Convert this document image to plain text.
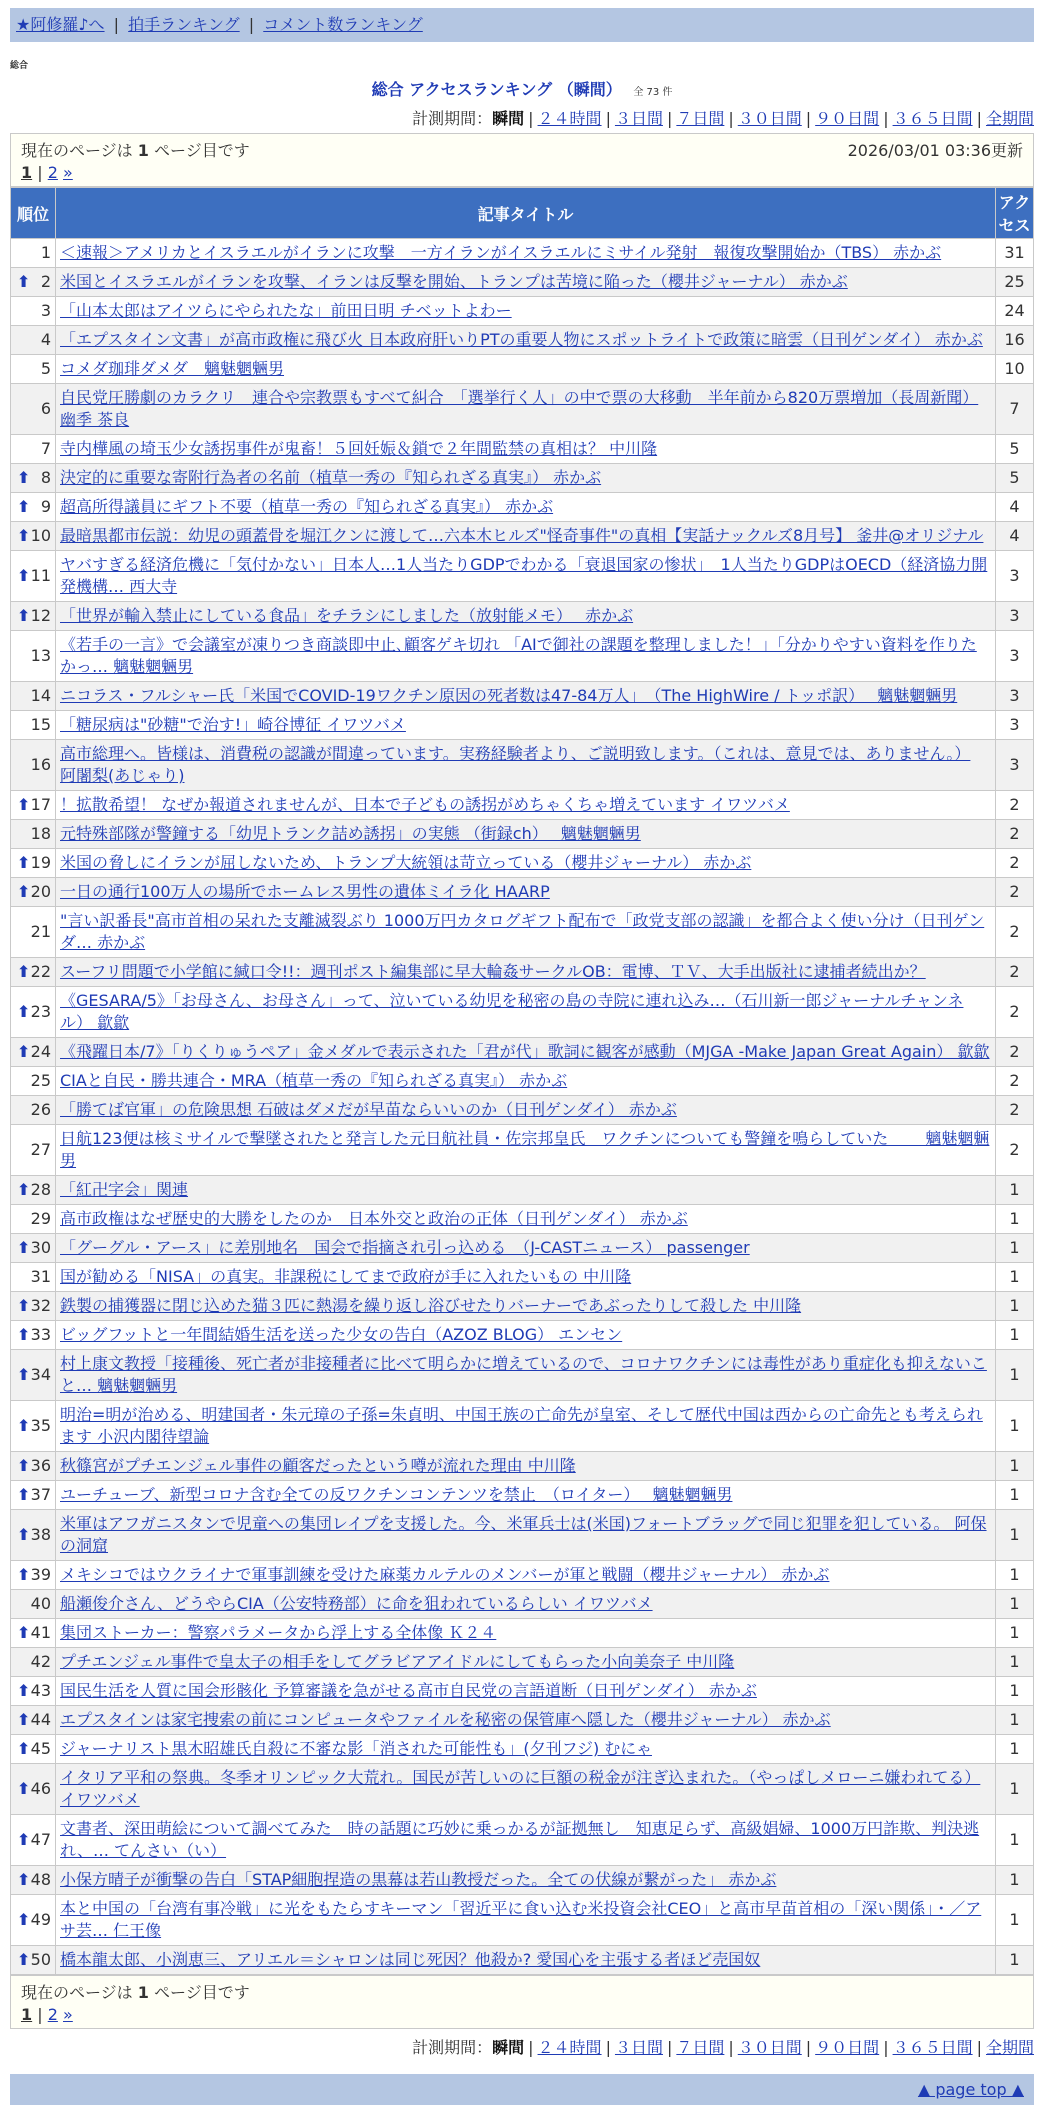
★阿修羅♪へ | 拍手ランキング | コメント数ランキング
総合
総合 アクセスランキング （瞬間） 全 73 件
計測期間：瞬間 | ２４時間 | ３日間 | ７日間 | ３０日間 | ９０日間 | ３６５日間 | 全期間
現在のページは 1 ページ目です	2026/03/01 03:36更新
1 | 2 »
順位	記事タイトル	アクセス
1	＜速報＞アメリカとイスラエルがイランに攻撃　一方イランがイスラエルにミサイル発射　報復攻撃開始か（TBS） 赤かぶ	31

⬆ 2	米国とイスラエルがイランを攻撃、イランは反撃を開始、トランプは苦境に陥った（櫻井ジャーナル） 赤かぶ	25
3	「山本太郎はアイツらにやられたな」前田日明 チベットよわー	24
4	「エプスタイン文書」が高市政権に飛び火 日本政府肝いりPTの重要人物にスポットライトで政策に暗雲（日刊ゲンダイ） 赤かぶ	16
5	コメダ珈琲ダメダ　魑魅魍魎男	10
6	自民党圧勝劇のカラクリ　連合や宗教票もすべて糾合　「選挙行く人」の中で票の大移動　半年前から820万票増加（長周新聞） 幽季 茶良	7
7	寺内樺風の埼玉少女誘拐事件が鬼畜！５回妊娠＆鎖で２年間監禁の真相は？ 中川隆	5

⬆ 8	決定的に重要な寄附行為者の名前（植草一秀の『知られざる真実』） 赤かぶ	5

⬆ 9	超高所得議員にギフト不要（植草一秀の『知られざる真実』） 赤かぶ	4

⬆ 10	最暗黒都市伝説：幼児の頭蓋骨を堀江クンに渡して…六本木ヒルズ"怪奇事件"の真相【実話ナックルズ8月号】 釜井@オリジナル	4

⬆ 11	ヤバすぎる経済危機に「気付かない」日本人…1人当たりGDPでわかる「衰退国家の惨状」　1人当たりGDPはOECD（経済協力開発機構… 西大寺	3

⬆ 12	「世界が輸入禁止にしている食品」をチラシにしました（放射能メモ）　 赤かぶ	3
13	《若手の一言》で会議室が凍りつき商談即中止､顧客ゲキ切れ 「AIで御社の課題を整理しました！｣「分かりやすい資料を作りたかっ… 魑魅魍魎男	3
14	ニコラス・フルシャー氏「米国でCOVID-19ワクチン原因の死者数は47-84万人」　（The HighWire / トッポ訳）　 魑魅魍魎男	3
15	「糖尿病は"砂糖"で治す!」崎谷博征 イワツバメ	3
16	高市総理へ。皆様は、消費税の認識が間違っています。実務経験者より、ご説明致します。（これは、意見では、ありません。） 阿闍梨(あじゃり)	3

⬆ 17	！拡散希望！ なぜか報道されませんが、日本で子どもの誘拐がめちゃくちゃ増えています イワツバメ	2
18	元特殊部隊が警鐘する「幼児トランク詰め誘拐」の実態 （街録ch）　 魑魅魍魎男	2

⬆ 19	米国の脅しにイランが屈しないため、トランプ大統領は苛立っている（櫻井ジャーナル） 赤かぶ	2

⬆ 20	一日の通行100万人の場所でホームレス男性の遺体ミイラ化 HAARP	2
21	"言い訳番長"高市首相の呆れた支離滅裂ぶり 1000万円カタログギフト配布で「政党支部の認識」を都合よく使い分け（日刊ゲンダ… 赤かぶ	2

⬆ 22	スーフリ問題で小学館に緘口令!!：週刊ポスト編集部に早大輪姦サークルOB：電博、ＴＶ、大手出版社に逮捕者続出か？	2

⬆ 23	《GESARA/5》「お母さん、お母さん」って、泣いている幼児を秘密の島の寺院に連れ込み…（石川新一郎ジャーナルチャンネル） 歙歙	2

⬆ 24	《飛躍日本/7》「りくりゅうペア」金メダルで表示された「君が代」歌詞に観客が感動（MJGA -Make Japan Great Again） 歙歙	2
25	CIAと自民・勝共連合・MRA（植草一秀の『知られざる真実』） 赤かぶ	2
26	「勝てば官軍」の危険思想 石破はダメだが早苗ならいいのか（日刊ゲンダイ） 赤かぶ	2
27	日航123便は核ミサイルで撃墜されたと発言した元日航社員・佐宗邦皇氏　ワクチンについても警鐘を鳴らしていた　　 魑魅魍魎男	2

⬆ 28	「紅卍字会」関連	1
29	高市政権はなぜ歴史的大勝をしたのか　日本外交と政治の正体（日刊ゲンダイ） 赤かぶ	1

⬆ 30	「グーグル・アース」に差別地名　国会で指摘され引っ込める　（J-CASTニュース） passenger	1
31	国が勧める「NISA」の真実。非課税にしてまで政府が手に入れたいもの 中川隆	1

⬆ 32	鉄製の捕獲器に閉じ込めた猫３匹に熱湯を繰り返し浴びせたりバーナーであぶったりして殺した 中川隆	1

⬆ 33	ビッグフットと一年間結婚生活を送った少女の告白（AZOZ BLOG） エンセン	1

⬆ 34	村上康文教授「接種後、死亡者が非接種者に比べて明らかに増えているので、コロナワクチンには毒性があり重症化も抑えないこと… 魑魅魍魎男	1

⬆ 35	明治=明が治める、明建国者・朱元璋の子孫=朱貞明、中国王族の亡命先が皇室、そして歴代中国は西からの亡命先とも考えられます 小沢内閣待望論	1

⬆ 36	秋篠宮がプチエンジェル事件の顧客だったという噂が流れた理由 中川隆	1

⬆ 37	ユーチューブ、新型コロナ含む全ての反ワクチンコンテンツを禁止　（ロイター）　 魑魅魍魎男	1

⬆ 38	米軍はアフガニスタンで児童への集団レイプを支援した。今、米軍兵士は(米国)フォートブラッグで同じ犯罪を犯している。 阿保の洞窟	1

⬆ 39	メキシコではウクライナで軍事訓練を受けた麻薬カルテルのメンバーが軍と戦闘（櫻井ジャーナル） 赤かぶ	1
40	船瀬俊介さん、どうやらCIA（公安特務部）に命を狙われているらしい イワツバメ	1

⬆ 41	集団ストーカー：警察パラメータから浮上する全体像 Ｋ２４	1
42	プチエンジェル事件で皇太子の相手をしてグラビアアイドルにしてもらった小向美奈子 中川隆	1

⬆ 43	国民生活を人質に国会形骸化 予算審議を急がせる高市自民党の言語道断（日刊ゲンダイ） 赤かぶ	1

⬆ 44	エプスタインは家宅捜索の前にコンピュータやファイルを秘密の保管庫へ隠した（櫻井ジャーナル） 赤かぶ	1

⬆ 45	ジャーナリスト黒木昭雄氏自殺に不審な影「消された可能性も」(夕刊フジ) むにゃ	1

⬆ 46	イタリア平和の祭典。冬季オリンピック大荒れ。国民が苦しいのに巨額の税金が注ぎ込まれた。（やっぱしメローニ嫌われてる） イワツバメ	1

⬆ 47	文書者、深田萌絵について調べてみた　時の話題に巧妙に乗っかるが証拠無し　知恵足らず、高級娼婦、1000万円詐欺、判決逃れ、… てんさい（い）	1

⬆ 48	小保方晴子が衝撃の告白「STAP細胞捏造の黒幕は若山教授だった。全ての伏線が繋がった」 赤かぶ	1

⬆ 49	本と中国の「台湾有事冷戦」に光をもたらすキーマン「習近平に食い込む米投資会社CEO」と高市早苗首相の「深い関係」・／アサ芸… 仁王像	1

⬆ 50	橋本龍太郎、小渕恵三、アリエル＝シャロンは同じ死因？他殺か? 愛国心を主張する者ほど売国奴	1
現在のページは 1 ページ目です
1 | 2 »
計測期間：瞬間 | ２４時間 | ３日間 | ７日間 | ３０日間 | ９０日間 | ３６５日間 | 全期間
▲ page top ▲
